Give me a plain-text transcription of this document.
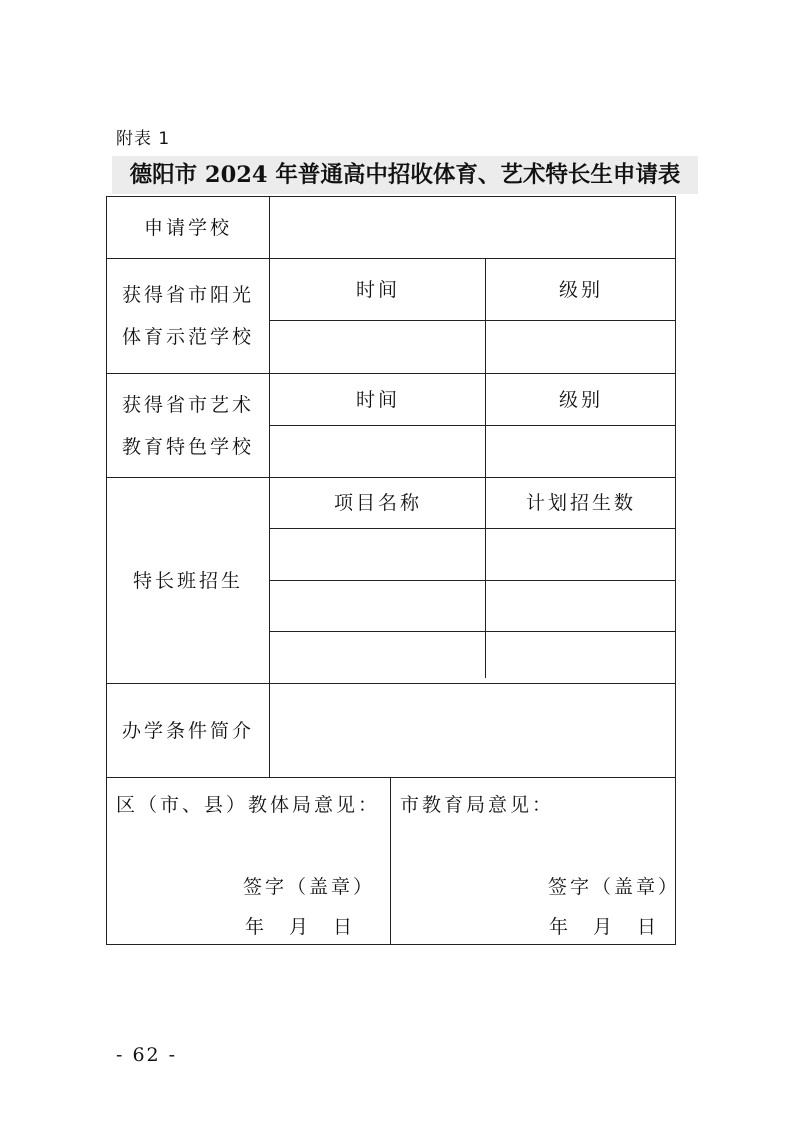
附表 1
德阳市 2024 年普通高中招收体育、艺术特长生申请表
申请学校
获得省市阳光
体育示范学校
时间	级别
获得省市艺术
教育特色学校
时间	级别
特长班招生
项目名称	计划招生数
办学条件简介
区（市、县）教体局意见：
签字（盖章）
年　月　日
市教育局意见：
签字（盖章）
年　月　日
- 62 -
